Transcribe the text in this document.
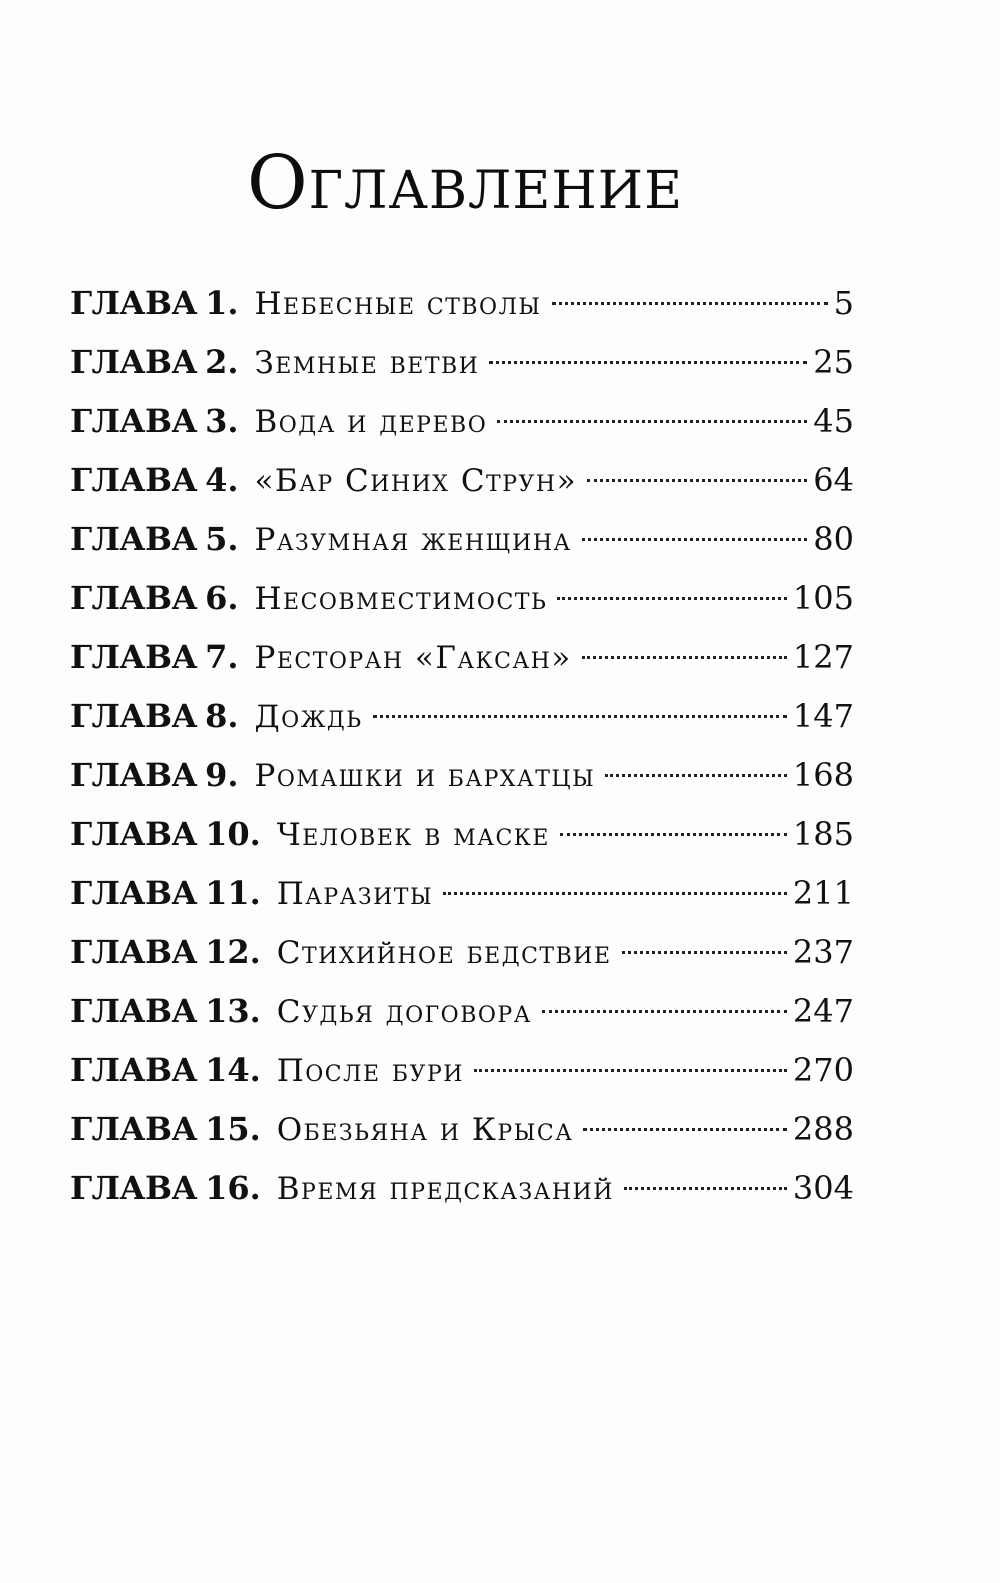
Оглавление
ГЛАВА 1. Небесные стволы	5
ГЛАВА 2. Земные ветви	25
ГЛАВА 3. Вода и дерево	45
ГЛАВА 4. «Бар Синих Струн»	64
ГЛАВА 5. Разумная женщина	80
ГЛАВА 6. Несовместимость	105
ГЛАВА 7. Ресторан «Гаксан»	127
ГЛАВА 8. Дождь	147
ГЛАВА 9. Ромашки и бархатцы	168
ГЛАВА 10. Человек в маске	185
ГЛАВА 11. Паразиты	211
ГЛАВА 12. Стихийное бедствие	237
ГЛАВА 13. Судья договора	247
ГЛАВА 14. После бури	270
ГЛАВА 15. Обезьяна и Крыса	288
ГЛАВА 16. Время предсказаний	304
